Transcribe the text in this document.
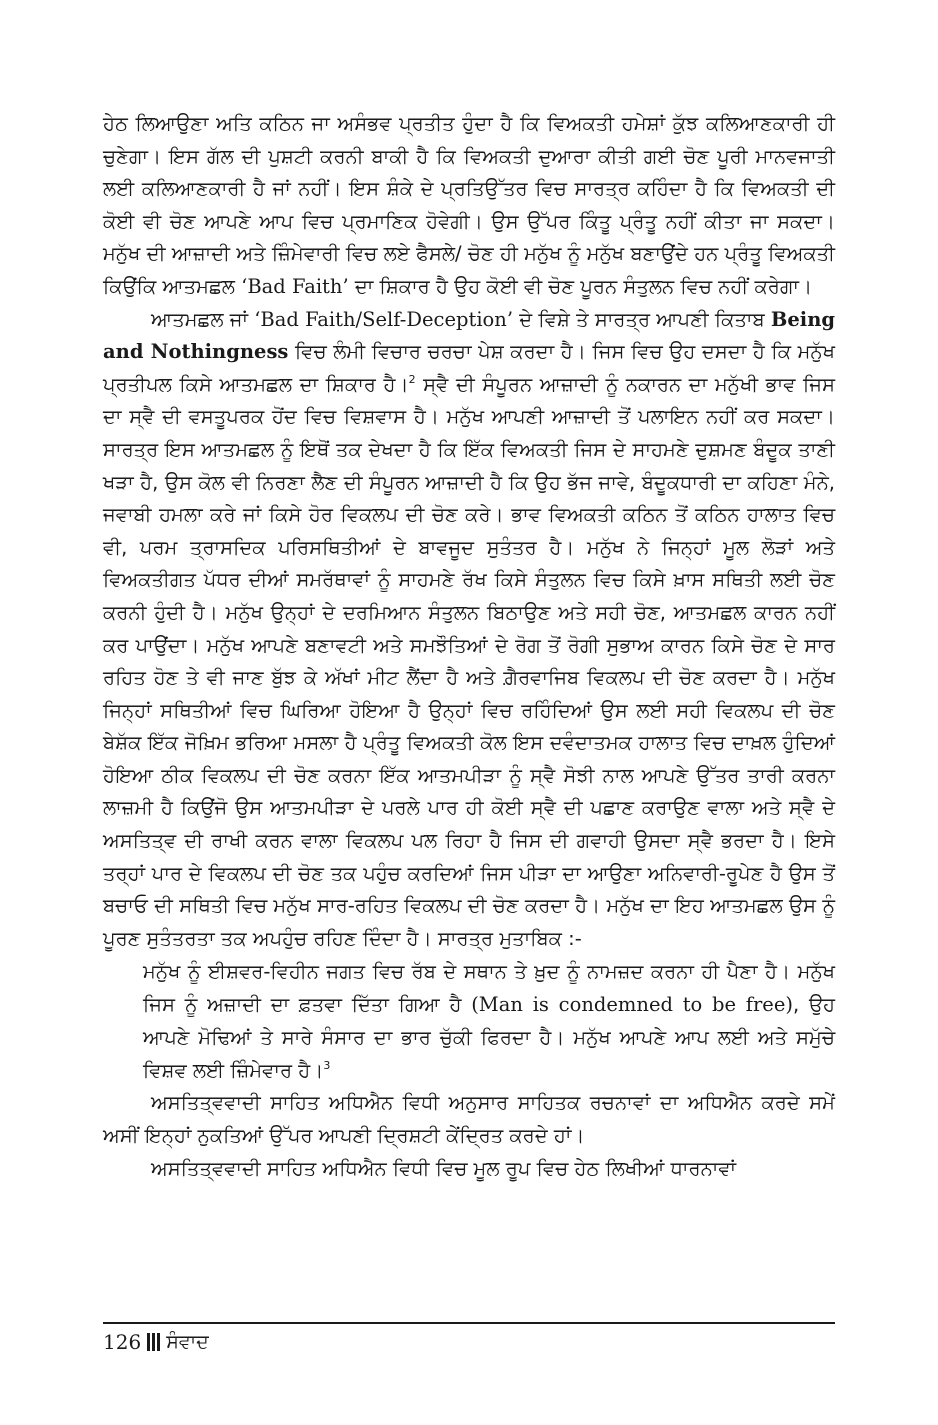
ਹੇਠ ਲਿਆਉਣਾ ਅਤਿ ਕਠਿਨ ਜਾ ਅਸੰਭਵ ਪ੍ਰਤੀਤ ਹੁੰਦਾ ਹੈ ਕਿ ਵਿਅਕਤੀ ਹਮੇਸ਼ਾਂ ਕੁੱਝ ਕਲਿਆਣਕਾਰੀ ਹੀ ਚੁਣੇਗਾ। ਇਸ ਗੱਲ ਦੀ ਪੁਸ਼ਟੀ ਕਰਨੀ ਬਾਕੀ ਹੈ ਕਿ ਵਿਅਕਤੀ ਦੁਆਰਾ ਕੀਤੀ ਗਈ ਚੋਣ ਪੂਰੀ ਮਾਨਵਜਾਤੀ ਲਈ ਕਲਿਆਣਕਾਰੀ ਹੈ ਜਾਂ ਨਹੀਂ। ਇਸ ਸ਼ੰਕੇ ਦੇ ਪ੍ਰਤਿਉੱਤਰ ਵਿਚ ਸਾਰਤ੍ਰ ਕਹਿੰਦਾ ਹੈ ਕਿ ਵਿਅਕਤੀ ਦੀ ਕੋਈ ਵੀ ਚੋਣ ਆਪਣੇ ਆਪ ਵਿਚ ਪ੍ਰਮਾਣਿਕ ਹੋਵੇਗੀ। ਉਸ ਉੱਪਰ ਕਿੰਤੂ ਪ੍ਰੰਤੂ ਨਹੀਂ ਕੀਤਾ ਜਾ ਸਕਦਾ। ਮਨੁੱਖ ਦੀ ਆਜ਼ਾਦੀ ਅਤੇ ਜ਼ਿੰਮੇਵਾਰੀ ਵਿਚ ਲਏ ਫੈਸਲੇ/ ਚੋਣ ਹੀ ਮਨੁੱਖ ਨੂੰ ਮਨੁੱਖ ਬਣਾਉਂਦੇ ਹਨ ਪ੍ਰੰਤੂ ਵਿਅਕਤੀ ਕਿਉਂਕਿ ਆਤਮਛਲ ‘Bad Faith’ ਦਾ ਸ਼ਿਕਾਰ ਹੈ ਉਹ ਕੋਈ ਵੀ ਚੋਣ ਪੂਰਨ ਸੰਤੁਲਨ ਵਿਚ ਨਹੀਂ ਕਰੇਗਾ।

ਆਤਮਛਲ ਜਾਂ ‘Bad Faith/Self-Deception’ ਦੇ ਵਿਸ਼ੇ ਤੇ ਸਾਰਤ੍ਰ ਆਪਣੀ ਕਿਤਾਬ Being and Nothingness ਵਿਚ ਲੰਮੀ ਵਿਚਾਰ ਚਰਚਾ ਪੇਸ਼ ਕਰਦਾ ਹੈ। ਜਿਸ ਵਿਚ ਉਹ ਦਸਦਾ ਹੈ ਕਿ ਮਨੁੱਖ ਪ੍ਰਤੀਪਲ ਕਿਸੇ ਆਤਮਛਲ ਦਾ ਸ਼ਿਕਾਰ ਹੈ।$^2$ ਸ੍ਵੈ ਦੀ ਸੰਪੂਰਨ ਆਜ਼ਾਦੀ ਨੂੰ ਨਕਾਰਨ ਦਾ ਮਨੁੱਖੀ ਭਾਵ ਜਿਸ ਦਾ ਸ੍ਵੈ ਦੀ ਵਸਤੂਪਰਕ ਹੋਂਦ ਵਿਚ ਵਿਸ਼ਵਾਸ ਹੈ। ਮਨੁੱਖ ਆਪਣੀ ਆਜ਼ਾਦੀ ਤੋਂ ਪਲਾਇਨ ਨਹੀਂ ਕਰ ਸਕਦਾ। ਸਾਰਤ੍ਰ ਇਸ ਆਤਮਛਲ ਨੂੰ ਇਥੋਂ ਤਕ ਦੇਖਦਾ ਹੈ ਕਿ ਇੱਕ ਵਿਅਕਤੀ ਜਿਸ ਦੇ ਸਾਹਮਣੇ ਦੁਸ਼ਮਣ ਬੰਦੂਕ ਤਾਣੀ ਖੜਾ ਹੈ, ਉਸ ਕੋਲ ਵੀ ਨਿਰਣਾ ਲੈਣ ਦੀ ਸੰਪੂਰਨ ਆਜ਼ਾਦੀ ਹੈ ਕਿ ਉਹ ਭੱਜ ਜਾਵੇ, ਬੰਦੂਕਧਾਰੀ ਦਾ ਕਹਿਣਾ ਮੰਨੇ, ਜਵਾਬੀ ਹਮਲਾ ਕਰੇ ਜਾਂ ਕਿਸੇ ਹੋਰ ਵਿਕਲਪ ਦੀ ਚੋਣ ਕਰੇ। ਭਾਵ ਵਿਅਕਤੀ ਕਠਿਨ ਤੋਂ ਕਠਿਨ ਹਾਲਾਤ ਵਿਚ ਵੀ, ਪਰਮ ਤ੍ਰਾਸਦਿਕ ਪਰਿਸਥਿਤੀਆਂ ਦੇ ਬਾਵਜੂਦ ਸੁਤੰਤਰ ਹੈ। ਮਨੁੱਖ ਨੇ ਜਿਨ੍ਹਾਂ ਮੂਲ ਲੋੜਾਂ ਅਤੇ ਵਿਅਕਤੀਗਤ ਪੱਧਰ ਦੀਆਂ ਸਮਰੱਥਾਵਾਂ ਨੂੰ ਸਾਹਮਣੇ ਰੱਖ ਕਿਸੇ ਸੰਤੁਲਨ ਵਿਚ ਕਿਸੇ ਖ਼ਾਸ ਸਥਿਤੀ ਲਈ ਚੋਣ ਕਰਨੀ ਹੁੰਦੀ ਹੈ। ਮਨੁੱਖ ਉਨ੍ਹਾਂ ਦੇ ਦਰਮਿਆਨ ਸੰਤੁਲਨ ਬਿਠਾਉਣ ਅਤੇ ਸਹੀ ਚੋਣ, ਆਤਮਛਲ ਕਾਰਨ ਨਹੀਂ ਕਰ ਪਾਉਂਦਾ। ਮਨੁੱਖ ਆਪਣੇ ਬਣਾਵਟੀ ਅਤੇ ਸਮਝੌਤਿਆਂ ਦੇ ਰੋਗ ਤੋਂ ਰੋਗੀ ਸੁਭਾਅ ਕਾਰਨ ਕਿਸੇ ਚੋਣ ਦੇ ਸਾਰ ਰਹਿਤ ਹੋਣ ਤੇ ਵੀ ਜਾਣ ਬੁੱਝ ਕੇ ਅੱਖਾਂ ਮੀਟ ਲੈਂਦਾ ਹੈ ਅਤੇ ਗ਼ੈਰਵਾਜਿਬ ਵਿਕਲਪ ਦੀ ਚੋਣ ਕਰਦਾ ਹੈ। ਮਨੁੱਖ ਜਿਨ੍ਹਾਂ ਸਥਿਤੀਆਂ ਵਿਚ ਘਿਰਿਆ ਹੋਇਆ ਹੈ ਉਨ੍ਹਾਂ ਵਿਚ ਰਹਿੰਦਿਆਂ ਉਸ ਲਈ ਸਹੀ ਵਿਕਲਪ ਦੀ ਚੋਣ ਬੇਸ਼ੱਕ ਇੱਕ ਜੋਖ਼ਿਮ ਭਰਿਆ ਮਸਲਾ ਹੈ ਪ੍ਰੰਤੂ ਵਿਅਕਤੀ ਕੋਲ ਇਸ ਦਵੰਦਾਤਮਕ ਹਾਲਾਤ ਵਿਚ ਦਾਖ਼ਲ ਹੁੰਦਿਆਂ ਹੋਇਆ ਠੀਕ ਵਿਕਲਪ ਦੀ ਚੋਣ ਕਰਨਾ ਇੱਕ ਆਤਮਪੀੜਾ ਨੂੰ ਸ੍ਵੈ ਸੋਝੀ ਨਾਲ ਆਪਣੇ ਉੱਤਰ ਤਾਰੀ ਕਰਨਾ ਲਾਜ਼ਮੀ ਹੈ ਕਿਉਂਜੋ ਉਸ ਆਤਮਪੀੜਾ ਦੇ ਪਰਲੇ ਪਾਰ ਹੀ ਕੋਈ ਸ੍ਵੈ ਦੀ ਪਛਾਣ ਕਰਾਉਣ ਵਾਲਾ ਅਤੇ ਸ੍ਵੈ ਦੇ ਅਸਤਿਤ੍ਵ ਦੀ ਰਾਖੀ ਕਰਨ ਵਾਲਾ ਵਿਕਲਪ ਪਲ ਰਿਹਾ ਹੈ ਜਿਸ ਦੀ ਗਵਾਹੀ ਉਸਦਾ ਸ੍ਵੈ ਭਰਦਾ ਹੈ। ਇਸੇ ਤਰ੍ਹਾਂ ਪਾਰ ਦੇ ਵਿਕਲਪ ਦੀ ਚੋਣ ਤਕ ਪਹੁੰਚ ਕਰਦਿਆਂ ਜਿਸ ਪੀੜਾ ਦਾ ਆਉਣਾ ਅਨਿਵਾਰੀ-ਰੂਪੇਣ ਹੈ ਉਸ ਤੋਂ ਬਚਾਓ ਦੀ ਸਥਿਤੀ ਵਿਚ ਮਨੁੱਖ ਸਾਰ-ਰਹਿਤ ਵਿਕਲਪ ਦੀ ਚੋਣ ਕਰਦਾ ਹੈ। ਮਨੁੱਖ ਦਾ ਇਹ ਆਤਮਛਲ ਉਸ ਨੂੰ ਪੂਰਣ ਸੁਤੰਤਰਤਾ ਤਕ ਅਪਹੁੰਚ ਰਹਿਣ ਦਿੰਦਾ ਹੈ। ਸਾਰਤ੍ਰ ਮੁਤਾਬਿਕ :-

ਮਨੁੱਖ ਨੂੰ ਈਸ਼ਵਰ-ਵਿਹੀਨ ਜਗਤ ਵਿਚ ਰੱਬ ਦੇ ਸਥਾਨ ਤੇ ਖ਼ੁਦ ਨੂੰ ਨਾਮਜ਼ਦ ਕਰਨਾ ਹੀ ਪੈਣਾ ਹੈ। ਮਨੁੱਖ ਜਿਸ ਨੂੰ ਅਜ਼ਾਦੀ ਦਾ ਫ਼ਤਵਾ ਦਿੱਤਾ ਗਿਆ ਹੈ (Man is condemned to be free), ਉਹ ਆਪਣੇ ਮੋਢਿਆਂ ਤੇ ਸਾਰੇ ਸੰਸਾਰ ਦਾ ਭਾਰ ਚੁੱਕੀ ਫਿਰਦਾ ਹੈ। ਮਨੁੱਖ ਆਪਣੇ ਆਪ ਲਈ ਅਤੇ ਸਮੁੱਚੇ ਵਿਸ਼ਵ ਲਈ ਜ਼ਿੰਮੇਵਾਰ ਹੈ।$^3$

ਅਸਤਿਤ੍ਵਵਾਦੀ ਸਾਹਿਤ ਅਧਿਐਨ ਵਿਧੀ ਅਨੁਸਾਰ ਸਾਹਿਤਕ ਰਚਨਾਵਾਂ ਦਾ ਅਧਿਐਨ ਕਰਦੇ ਸਮੇਂ ਅਸੀਂ ਇਨ੍ਹਾਂ ਨੁਕਤਿਆਂ ਉੱਪਰ ਆਪਣੀ ਦ੍ਰਿਸ਼ਟੀ ਕੇਂਦ੍ਰਿਤ ਕਰਦੇ ਹਾਂ।

ਅਸਤਿਤ੍ਵਵਾਦੀ ਸਾਹਿਤ ਅਧਿਐਨ ਵਿਧੀ ਵਿਚ ਮੂਲ ਰੂਪ ਵਿਚ ਹੇਠ ਲਿਖੀਆਂ ਧਾਰਨਾਵਾਂ

126 ਸੰਵਾਦ
